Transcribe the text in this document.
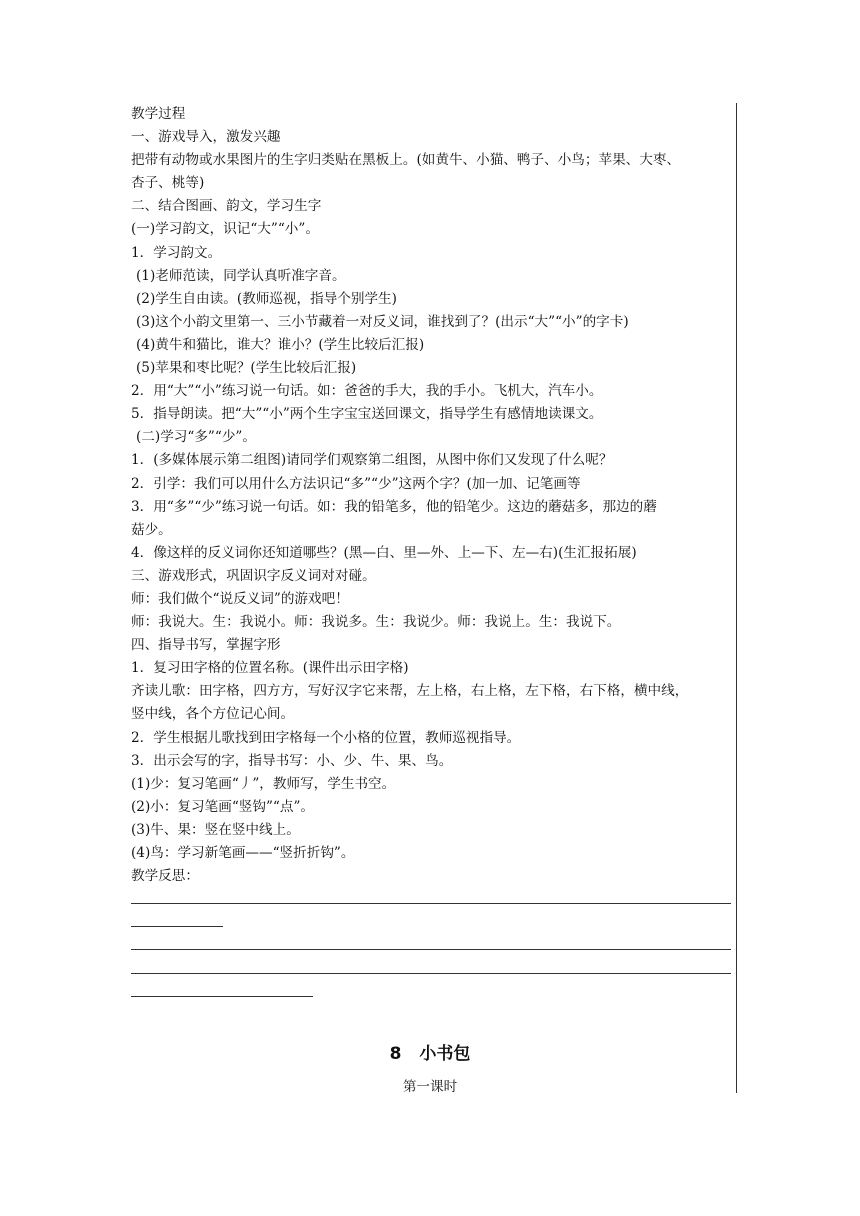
教学过程
一、游戏导入，激发兴趣
把带有动物或水果图片的生字归类贴在黑板上。(如黄牛、小猫、鸭子、小鸟；苹果、大枣、
杏子、桃等)
二、结合图画、韵文，学习生字
(一)学习韵文，识记“大”“小”。
1．学习韵文。
(1)老师范读，同学认真听准字音。
(2)学生自由读。(教师巡视，指导个别学生)
(3)这个小韵文里第一、三小节藏着一对反义词，谁找到了？(出示“大”“小”的字卡)
(4)黄牛和猫比，谁大？谁小？(学生比较后汇报)
(5)苹果和枣比呢？(学生比较后汇报)
2．用“大”“小”练习说一句话。如：爸爸的手大，我的手小。飞机大，汽车小。
5．指导朗读。把“大”“小”两个生字宝宝送回课文，指导学生有感情地读课文。
(二)学习“多”“少”。
1．(多媒体展示第二组图)请同学们观察第二组图，从图中你们又发现了什么呢？
2．引学：我们可以用什么方法识记“多”“少”这两个字？(加一加、记笔画等
3．用“多”“少”练习说一句话。如：我的铅笔多，他的铅笔少。这边的蘑菇多，那边的蘑
菇少。
4．像这样的反义词你还知道哪些？(黑—白、里—外、上—下、左—右)(生汇报拓展)
三、游戏形式，巩固识字反义词对对碰。
师：我们做个“说反义词”的游戏吧！
师：我说大。生：我说小。师：我说多。生：我说少。师：我说上。生：我说下。
四、指导书写，掌握字形
1．复习田字格的位置名称。(课件出示田字格)
齐读儿歌：田字格，四方方，写好汉字它来帮，左上格，右上格，左下格，右下格，横中线，
竖中线，各个方位记心间。
2．学生根据儿歌找到田字格每一个小格的位置，教师巡视指导。
3．出示会写的字，指导书写：小、少、牛、果、鸟。
(1)少：复习笔画“丿”，教师写，学生书空。
(2)小：复习笔画“竖钩”“点”。
(3)牛、果：竖在竖中线上。
(4)鸟：学习新笔画——“竖折折钩”。
教学反思：
8 小书包
第一课时
